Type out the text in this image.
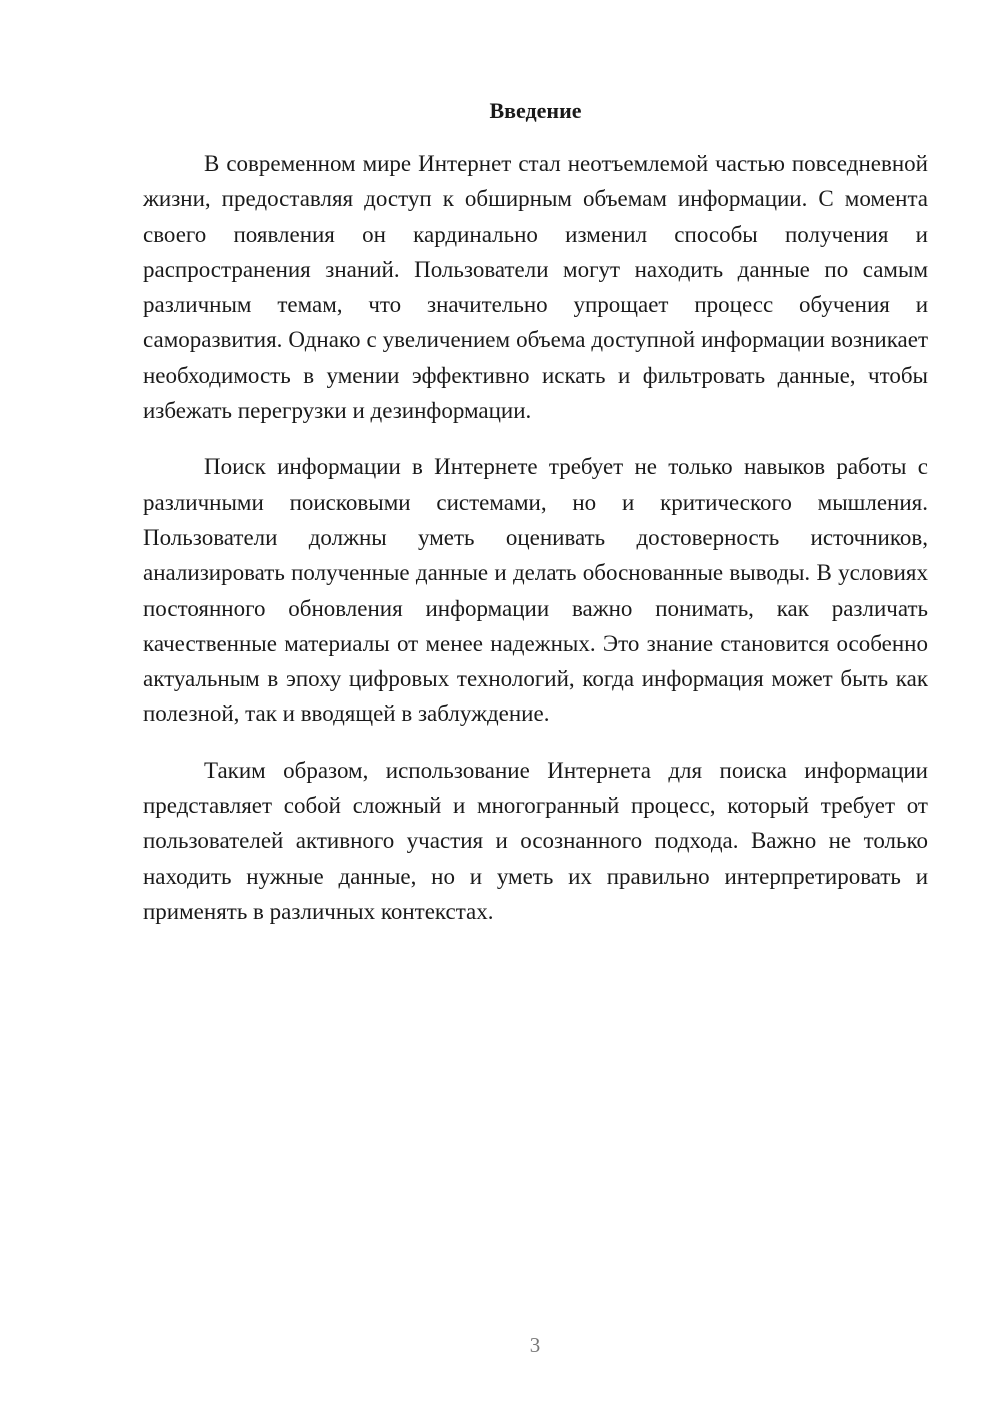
Введение

В современном мире Интернет стал неотъемлемой частью повседневной жизни, предоставляя доступ к обширным объемам информации. С момента своего появления он кардинально изменил способы получения и распространения знаний. Пользователи могут находить данные по самым различным темам, что значительно упрощает процесс обучения и саморазвития. Однако с увеличением объема доступной информации возникает необходимость в умении эффективно искать и фильтровать данные, чтобы избежать перегрузки и дезинформации.

Поиск информации в Интернете требует не только навыков работы с различными поисковыми системами, но и критического мышления. Пользователи должны уметь оценивать достоверность источников, анализировать полученные данные и делать обоснованные выводы. В условиях постоянного обновления информации важно понимать, как различать качественные материалы от менее надежных. Это знание становится особенно актуальным в эпоху цифровых технологий, когда информация может быть как полезной, так и вводящей в заблуждение.

Таким образом, использование Интернета для поиска информации представляет собой сложный и многогранный процесс, который требует от пользователей активного участия и осознанного подхода. Важно не только находить нужные данные, но и уметь их правильно интерпретировать и применять в различных контекстах.

3
